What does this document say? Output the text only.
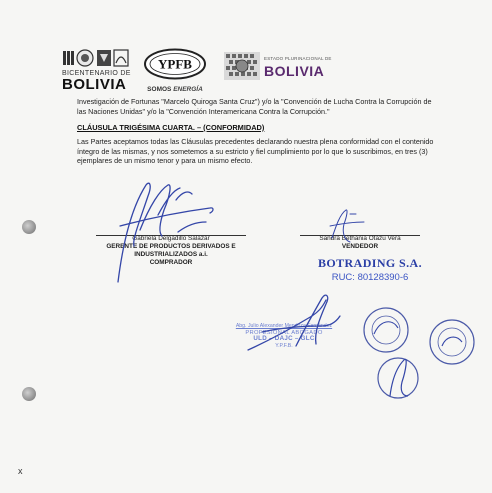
x
BICENTENARIO DE
BOLIVIA
YPFB
SOMOS ENERGÍA
ESTADO PLURINACIONAL DE
BOLIVIA
Investigación de Fortunas "Marcelo Quiroga Santa Cruz") y/o la "Convención de Lucha Contra la Corrupción de las Naciones Unidas" y/o la "Convención Interamericana Contra la Corrupción."
CLÁUSULA TRIGÉSIMA CUARTA. – (CONFORMIDAD)
Las Partes aceptamos todas las Cláusulas precedentes declarando nuestra plena conformidad con el contenido íntegro de las mismas, y nos sometemos a su estricto y fiel cumplimiento por lo que lo suscribimos, en tres (3) ejemplares de un mismo tenor y para un mismo efecto.
Gabriela Delgadillo Salazar
GERENTE DE PRODUCTOS DERIVADOS E
INDUSTRIALIZADOS a.i.
COMPRADOR
Sandra Bethania Otazu Vera
VENDEDOR
BOTRADING S.A.
RUC: 80128390-6
Abg. Julio Alexander Mendoza Fernández
PROFESIONAL ABOGADO
ULD – DAJC – GLC
Y.P.F.B.
